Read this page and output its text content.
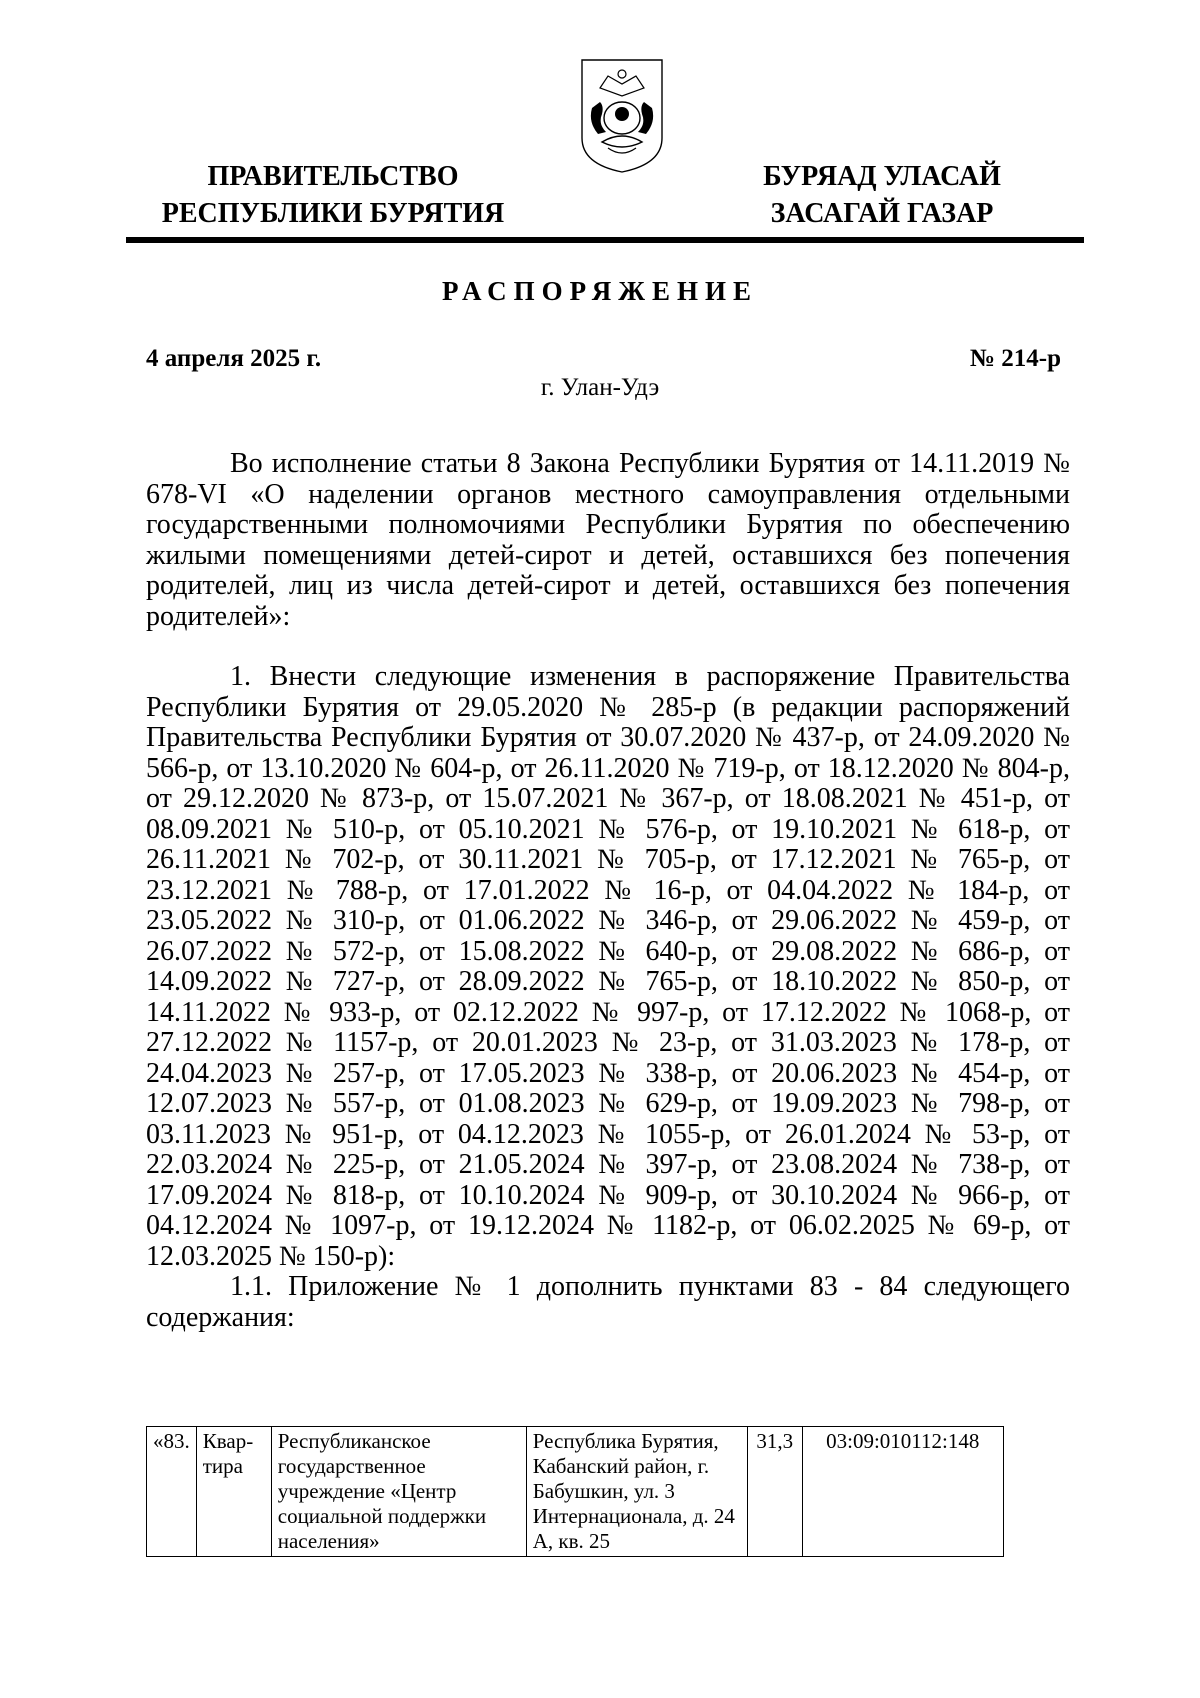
ПРАВИТЕЛЬСТВО
РЕСПУБЛИКИ БУРЯТИЯ
БУРЯАД УЛАСАЙ
ЗАСАГАЙ ГАЗАР
РАСПОРЯЖЕНИЕ
4 апреля 2025 г.	№ 214-р
г. Улан-Удэ

Во исполнение статьи 8 Закона Республики Бурятия от 14.11.2019 № 678-VI «О наделении органов местного самоуправления отдельными государственными полномочиями Республики Бурятия по обеспечению жилыми помещениями детей-сирот и детей, оставшихся без попечения родителей, лиц из числа детей-сирот и детей, оставшихся без попечения родителей»:

1. Внести следующие изменения в распоряжение Правительства Республики Бурятия от 29.05.2020 № 285-р (в редакции распоряжений Правительства Республики Бурятия от 30.07.2020 № 437-р, от 24.09.2020 № 566-р, от 13.10.2020 № 604-р, от 26.11.2020 № 719-р, от 18.12.2020 № 804-р, от 29.12.2020 № 873-р, от 15.07.2021 № 367-р, от 18.08.2021 № 451-р, от 08.09.2021 № 510-р, от 05.10.2021 № 576-р, от 19.10.2021 № 618-р, от 26.11.2021 № 702-р, от 30.11.2021 № 705-р, от 17.12.2021 № 765-р, от 23.12.2021 № 788-р, от 17.01.2022 № 16-р, от 04.04.2022 № 184-р, от 23.05.2022 № 310-р, от 01.06.2022 № 346-р, от 29.06.2022 № 459-р, от 26.07.2022 № 572-р, от 15.08.2022 № 640-р, от 29.08.2022 № 686-р, от 14.09.2022 № 727-р, от 28.09.2022 № 765-р, от 18.10.2022 № 850-р, от 14.11.2022 № 933-р, от 02.12.2022 № 997-р, от 17.12.2022 № 1068-р, от 27.12.2022 № 1157-р, от 20.01.2023 № 23-р, от 31.03.2023 № 178-р, от 24.04.2023 № 257-р, от 17.05.2023 № 338-р, от 20.06.2023 № 454-р, от 12.07.2023 № 557-р, от 01.08.2023 № 629-р, от 19.09.2023 № 798-р, от 03.11.2023 № 951-р, от 04.12.2023 № 1055-р, от 26.01.2024 № 53-р, от 22.03.2024 № 225-р, от 21.05.2024 № 397-р, от 23.08.2024 № 738-р, от 17.09.2024 № 818-р, от 10.10.2024 № 909-р, от 30.10.2024 № 966-р, от 04.12.2024 № 1097-р, от 19.12.2024 № 1182-р, от 06.02.2025 № 69-р, от 12.03.2025 № 150-р):

1.1. Приложение № 1 дополнить пунктами 83 - 84 следующего содержания:

«83.	Квар-тира	Республиканское государственное учреждение «Центр социальной поддержки населения»	Республика Бурятия, Кабанский район, г. Бабушкин, ул. 3 Интернационала, д. 24 А, кв. 25	31,3	03:09:010112:148
